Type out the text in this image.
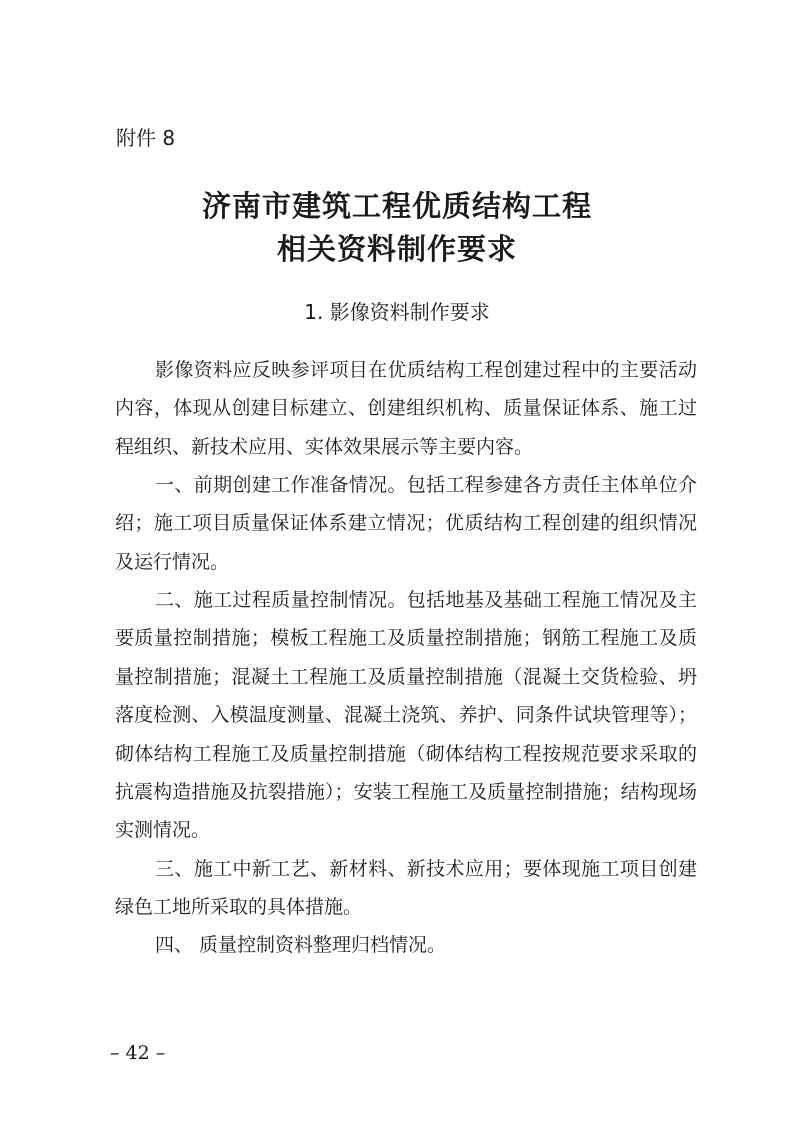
附件 8
济南市建筑工程优质结构工程
相关资料制作要求
1. 影像资料制作要求

影像资料应反映参评项目在优质结构工程创建过程中的主要活动内容，体现从创建目标建立、创建组织机构、质量保证体系、施工过程组织、新技术应用、实体效果展示等主要内容。

一、前期创建工作准备情况。包括工程参建各方责任主体单位介绍；施工项目质量保证体系建立情况；优质结构工程创建的组织情况及运行情况。

二、施工过程质量控制情况。包括地基及基础工程施工情况及主要质量控制措施；模板工程施工及质量控制措施；钢筋工程施工及质量控制措施；混凝土工程施工及质量控制措施（混凝土交货检验、坍落度检测、入模温度测量、混凝土浇筑、养护、同条件试块管理等）；砌体结构工程施工及质量控制措施（砌体结构工程按规范要求采取的抗震构造措施及抗裂措施）；安装工程施工及质量控制措施；结构现场实测情况。

三、施工中新工艺、新材料、新技术应用；要体现施工项目创建绿色工地所采取的具体措施。

四、 质量控制资料整理归档情况。

– 42 –
